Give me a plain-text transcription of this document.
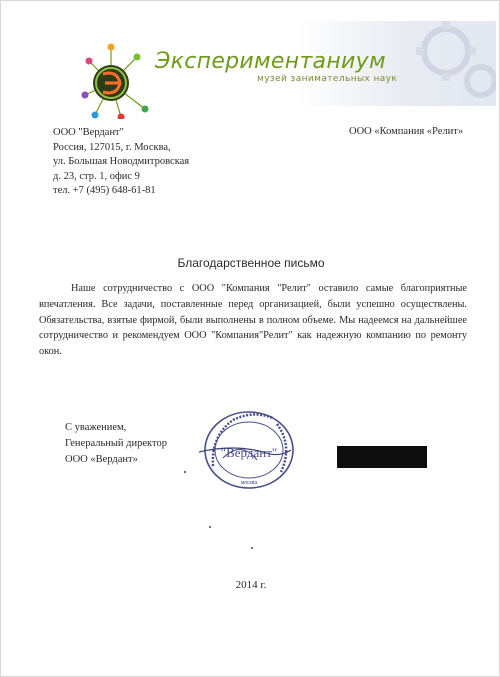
Экспериментаниум
музей занимательных наук
ООО "Вердант"
Россия, 127015, г. Москва,
ул. Большая Новодмитровская
д. 23, стр. 1, офис 9
тел. +7 (495) 648-61-81
ООО «Компания «Релит»
Благодарственное письмо

Наше сотрудничество с ООО "Компания "Релит" оставило самые благоприятные впечатления. Все задачи, поставленные перед организацией, были успешно осуществлены. Обязательства, взятые фирмой, были выполнены в полном объеме. Мы надеемся на дальнейшее сотрудничество и рекомендуем ООО "Компания"Релит" как надежную компанию по ремонту окон.

С уважением,
Генеральный директор
ООО «Вердант»	"Вердант"
москва
2014 г.
